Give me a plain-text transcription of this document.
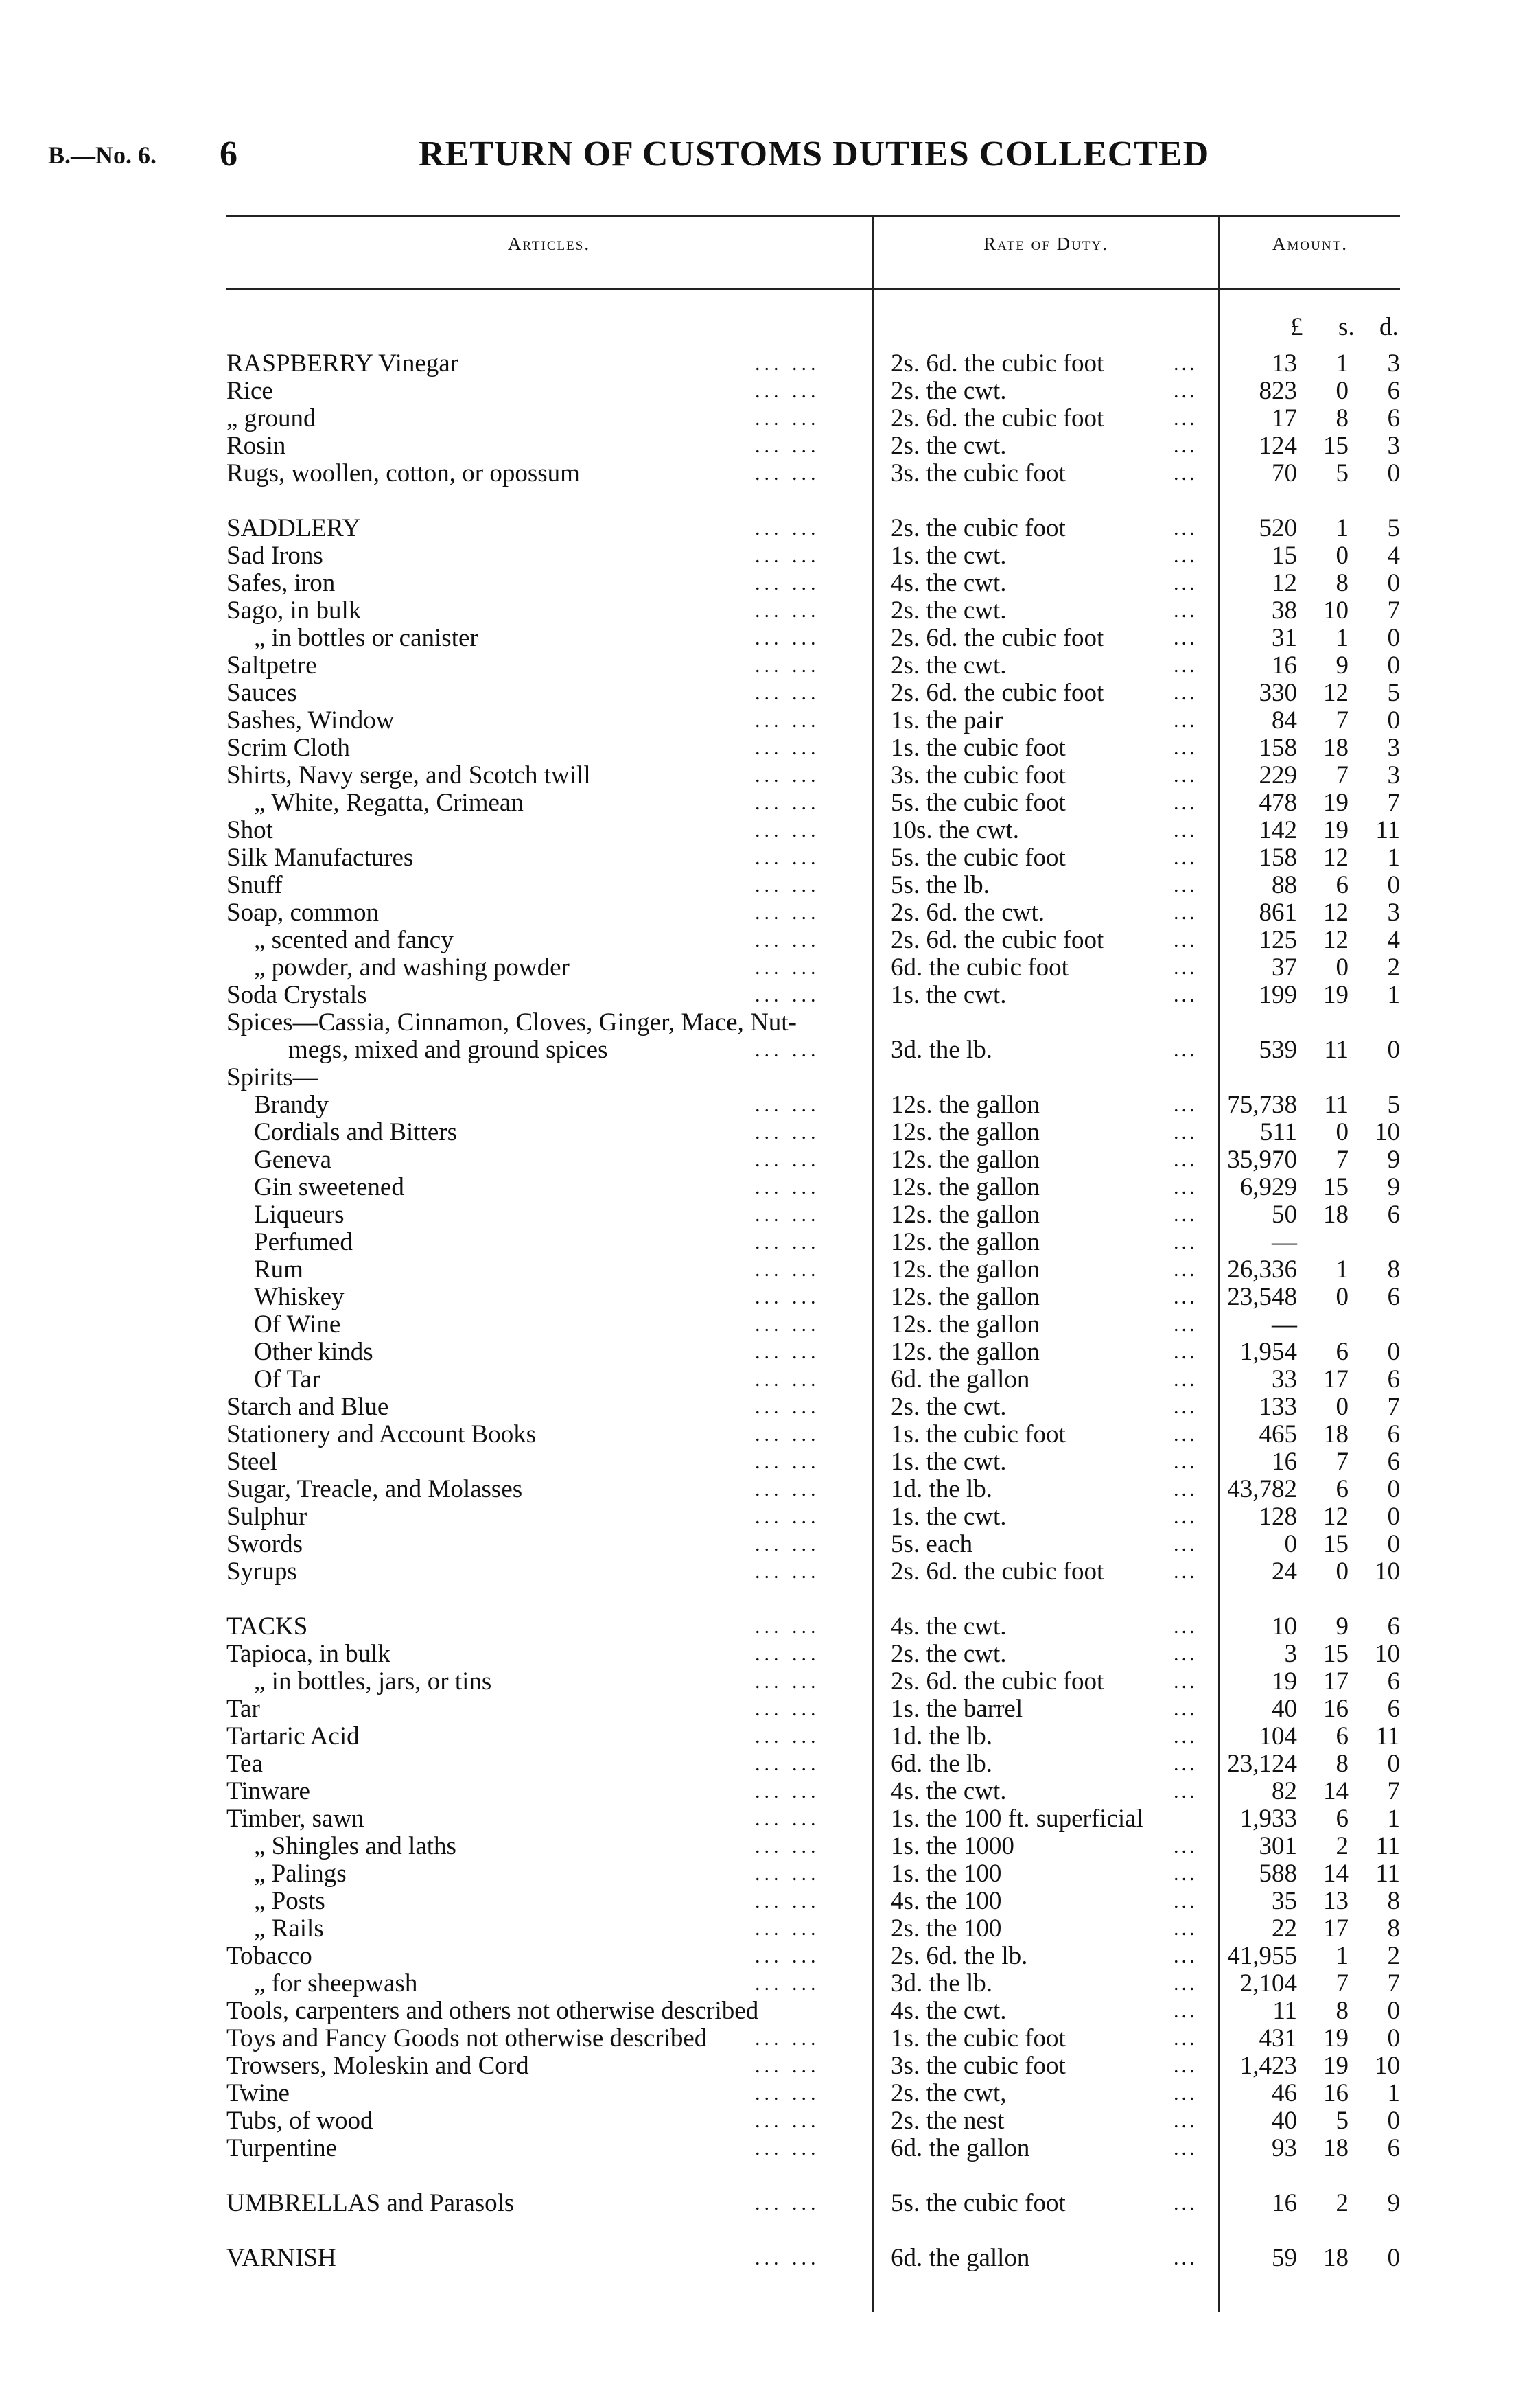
B.—No. 6. 6	RETURN OF CUSTOMS DUTIES COLLECTED
Articles.	Rate of Duty.	Amount.
£ s. d.
RASPBERRY Vinegar	... ...	2s. 6d. the cubic foot	...	13	1	3
Rice	... ...	2s. the cwt.	... 823	0	6
„ ground	... ...	2s. 6d. the cubic foot	...	17	8	6
Rosin	... ...	2s. the cwt.	... 124	15	3
Rugs, woollen, cotton, or opossum	... ...	3s. the cubic foot	...	70	5	0
SADDLERY	... ...	2s. the cubic foot	... 520	1	5
Sad Irons	... ...	1s. the cwt.	...	15	0	4
Safes, iron	... ...	4s. the cwt.	...	12	8	0
Sago, in bulk	... ...	2s. the cwt.	...	38	10	7
„ in bottles or canister	... ...	2s. 6d. the cubic foot	...	31	1	0
Saltpetre	... ...	2s. the cwt.	...	16	9	0
Sauces	... ...	2s. 6d. the cubic foot	... 330	12	5
Sashes, Window	... ...	1s. the pair	...	84	7	0
Scrim Cloth	... ...	1s. the cubic foot	... 158	18	3
Shirts, Navy serge, and Scotch twill	... ...	3s. the cubic foot	... 229	7	3
„ White, Regatta, Crimean	... ...	5s. the cubic foot	... 478	19	7
Shot	... ...	10s. the cwt.	... 142	19	11
Silk Manufactures	... ...	5s. the cubic foot	... 158	12	1
Snuff	... ...	5s. the lb.	...	88	6	0
Soap, common	... ...	2s. 6d. the cwt.	... 861	12	3
„ scented and fancy	... ...	2s. 6d. the cubic foot	... 125	12	4
„ powder, and washing powder	... ...	6d. the cubic foot	...	37	0	2
Soda Crystals	... ...	1s. the cwt.	... 199	19	1
Spices—Cassia, Cinnamon, Cloves, Ginger, Mace, Nut-
megs, mixed and ground spices	... ...	3d. the lb.	... 539	11	0
Spirits—
Brandy	... ...	12s. the gallon	... 75,738	11	5
Cordials and Bitters	... ...	12s. the gallon	... 511	0	10
Geneva	... ...	12s. the gallon	... 35,970	7	9
Gin sweetened	... ...	12s. the gallon	... 6,929	15	9
Liqueurs	... ...	12s. the gallon	...	50	18	6
Perfumed	... ...	12s. the gallon	...	—
Rum	... ...	12s. the gallon	... 26,336	1	8
Whiskey	... ...	12s. the gallon	... 23,548	0	6
Of Wine	... ...	12s. the gallon	...	—
Other kinds	... ...	12s. the gallon	... 1,954	6	0
Of Tar	... ...	6d. the gallon	...	33	17	6
Starch and Blue	... ...	2s. the cwt.	... 133	0	7
Stationery and Account Books	... ...	1s. the cubic foot	... 465	18	6
Steel	... ...	1s. the cwt.	...	16	7	6
Sugar, Treacle, and Molasses	... ...	1d. the lb.	... 43,782	6	0
Sulphur	... ...	1s. the cwt.	... 128	12	0
Swords	... ...	5s. each	...	0	15	0
Syrups	... ...	2s. 6d. the cubic foot	...	24	0	10
TACKS	... ...	4s. the cwt.	...	10	9	6
Tapioca, in bulk	... ...	2s. the cwt.	...	3	15	10
„ in bottles, jars, or tins	... ...	2s. 6d. the cubic foot	...	19	17	6
Tar	... ...	1s. the barrel	...	40	16	6
Tartaric Acid	... ...	1d. the lb.	... 104	6	11
Tea	... ...	6d. the lb.	... 23,124	8	0
Tinware	... ...	4s. the cwt.	...	82	14	7
Timber, sawn	... ...	1s. the 100 ft. superficial	1,933	6	1
„ Shingles and laths	... ...	1s. the 1000	... 301	2	11
„ Palings	... ...	1s. the 100	... 588	14	11
„ Posts	... ...	4s. the 100	...	35	13	8
„ Rails	... ...	2s. the 100	...	22	17	8
Tobacco	... ...	2s. 6d. the lb.	... 41,955	1	2
„ for sheepwash	... ...	3d. the lb.	... 2,104	7	7
Tools, carpenters and others not otherwise described	4s. the cwt.	...	11	8	0
Toys and Fancy Goods not otherwise described ... ...	1s. the cubic foot	... 431	19	0
Trowsers, Moleskin and Cord	... ...	3s. the cubic foot	... 1,423	19	10
Twine	... ...	2s. the cwt,	...	46	16	1
Tubs, of wood	... ...	2s. the nest	...	40	5	0
Turpentine	... ...	6d. the gallon	...	93	18	6
UMBRELLAS and Parasols	... ...	5s. the cubic foot	...	16	2	9
VARNISH	... ...	6d. the gallon	...	59	18	0
